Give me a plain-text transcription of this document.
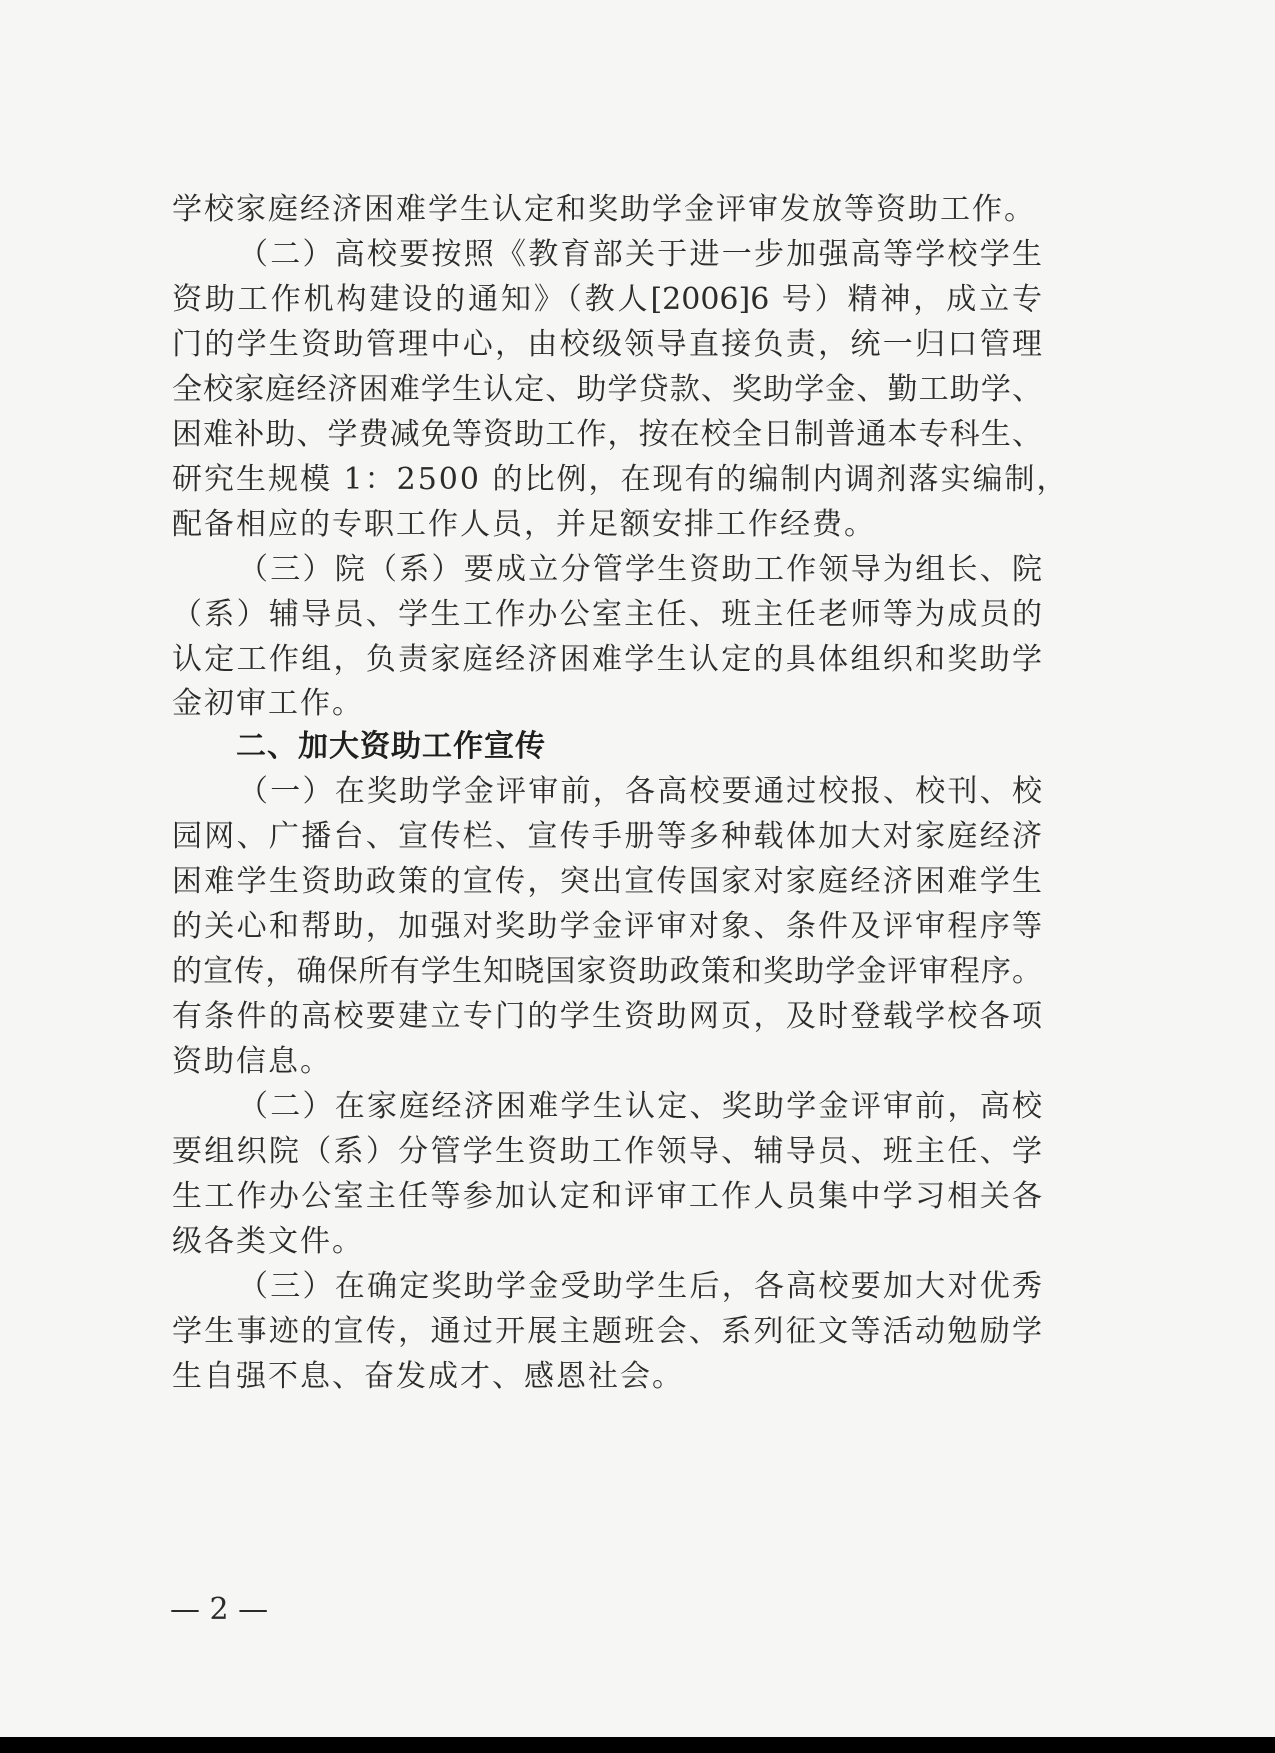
学校家庭经济困难学生认定和奖助学金评审发放等资助工作。

（二）高校要按照《教育部关于进一步加强高等学校学生

资助工作机构建设的通知》（教人[2006]6 号）精神，成立专

门的学生资助管理中心，由校级领导直接负责，统一归口管理

全校家庭经济困难学生认定、助学贷款、奖助学金、勤工助学、

困难补助、学费减免等资助工作，按在校全日制普通本专科生、

研究生规模 1：2500 的比例，在现有的编制内调剂落实编制，

配备相应的专职工作人员，并足额安排工作经费。

（三）院（系）要成立分管学生资助工作领导为组长、院

（系）辅导员、学生工作办公室主任、班主任老师等为成员的

认定工作组，负责家庭经济困难学生认定的具体组织和奖助学

金初审工作。

二、加大资助工作宣传

（一）在奖助学金评审前，各高校要通过校报、校刊、校

园网、广播台、宣传栏、宣传手册等多种载体加大对家庭经济

困难学生资助政策的宣传，突出宣传国家对家庭经济困难学生

的关心和帮助，加强对奖助学金评审对象、条件及评审程序等

的宣传，确保所有学生知晓国家资助政策和奖助学金评审程序。

有条件的高校要建立专门的学生资助网页，及时登载学校各项

资助信息。

（二）在家庭经济困难学生认定、奖助学金评审前，高校

要组织院（系）分管学生资助工作领导、辅导员、班主任、学

生工作办公室主任等参加认定和评审工作人员集中学习相关各

级各类文件。

（三）在确定奖助学金受助学生后，各高校要加大对优秀

学生事迹的宣传，通过开展主题班会、系列征文等活动勉励学

生自强不息、奋发成才、感恩社会。

— 2 —
